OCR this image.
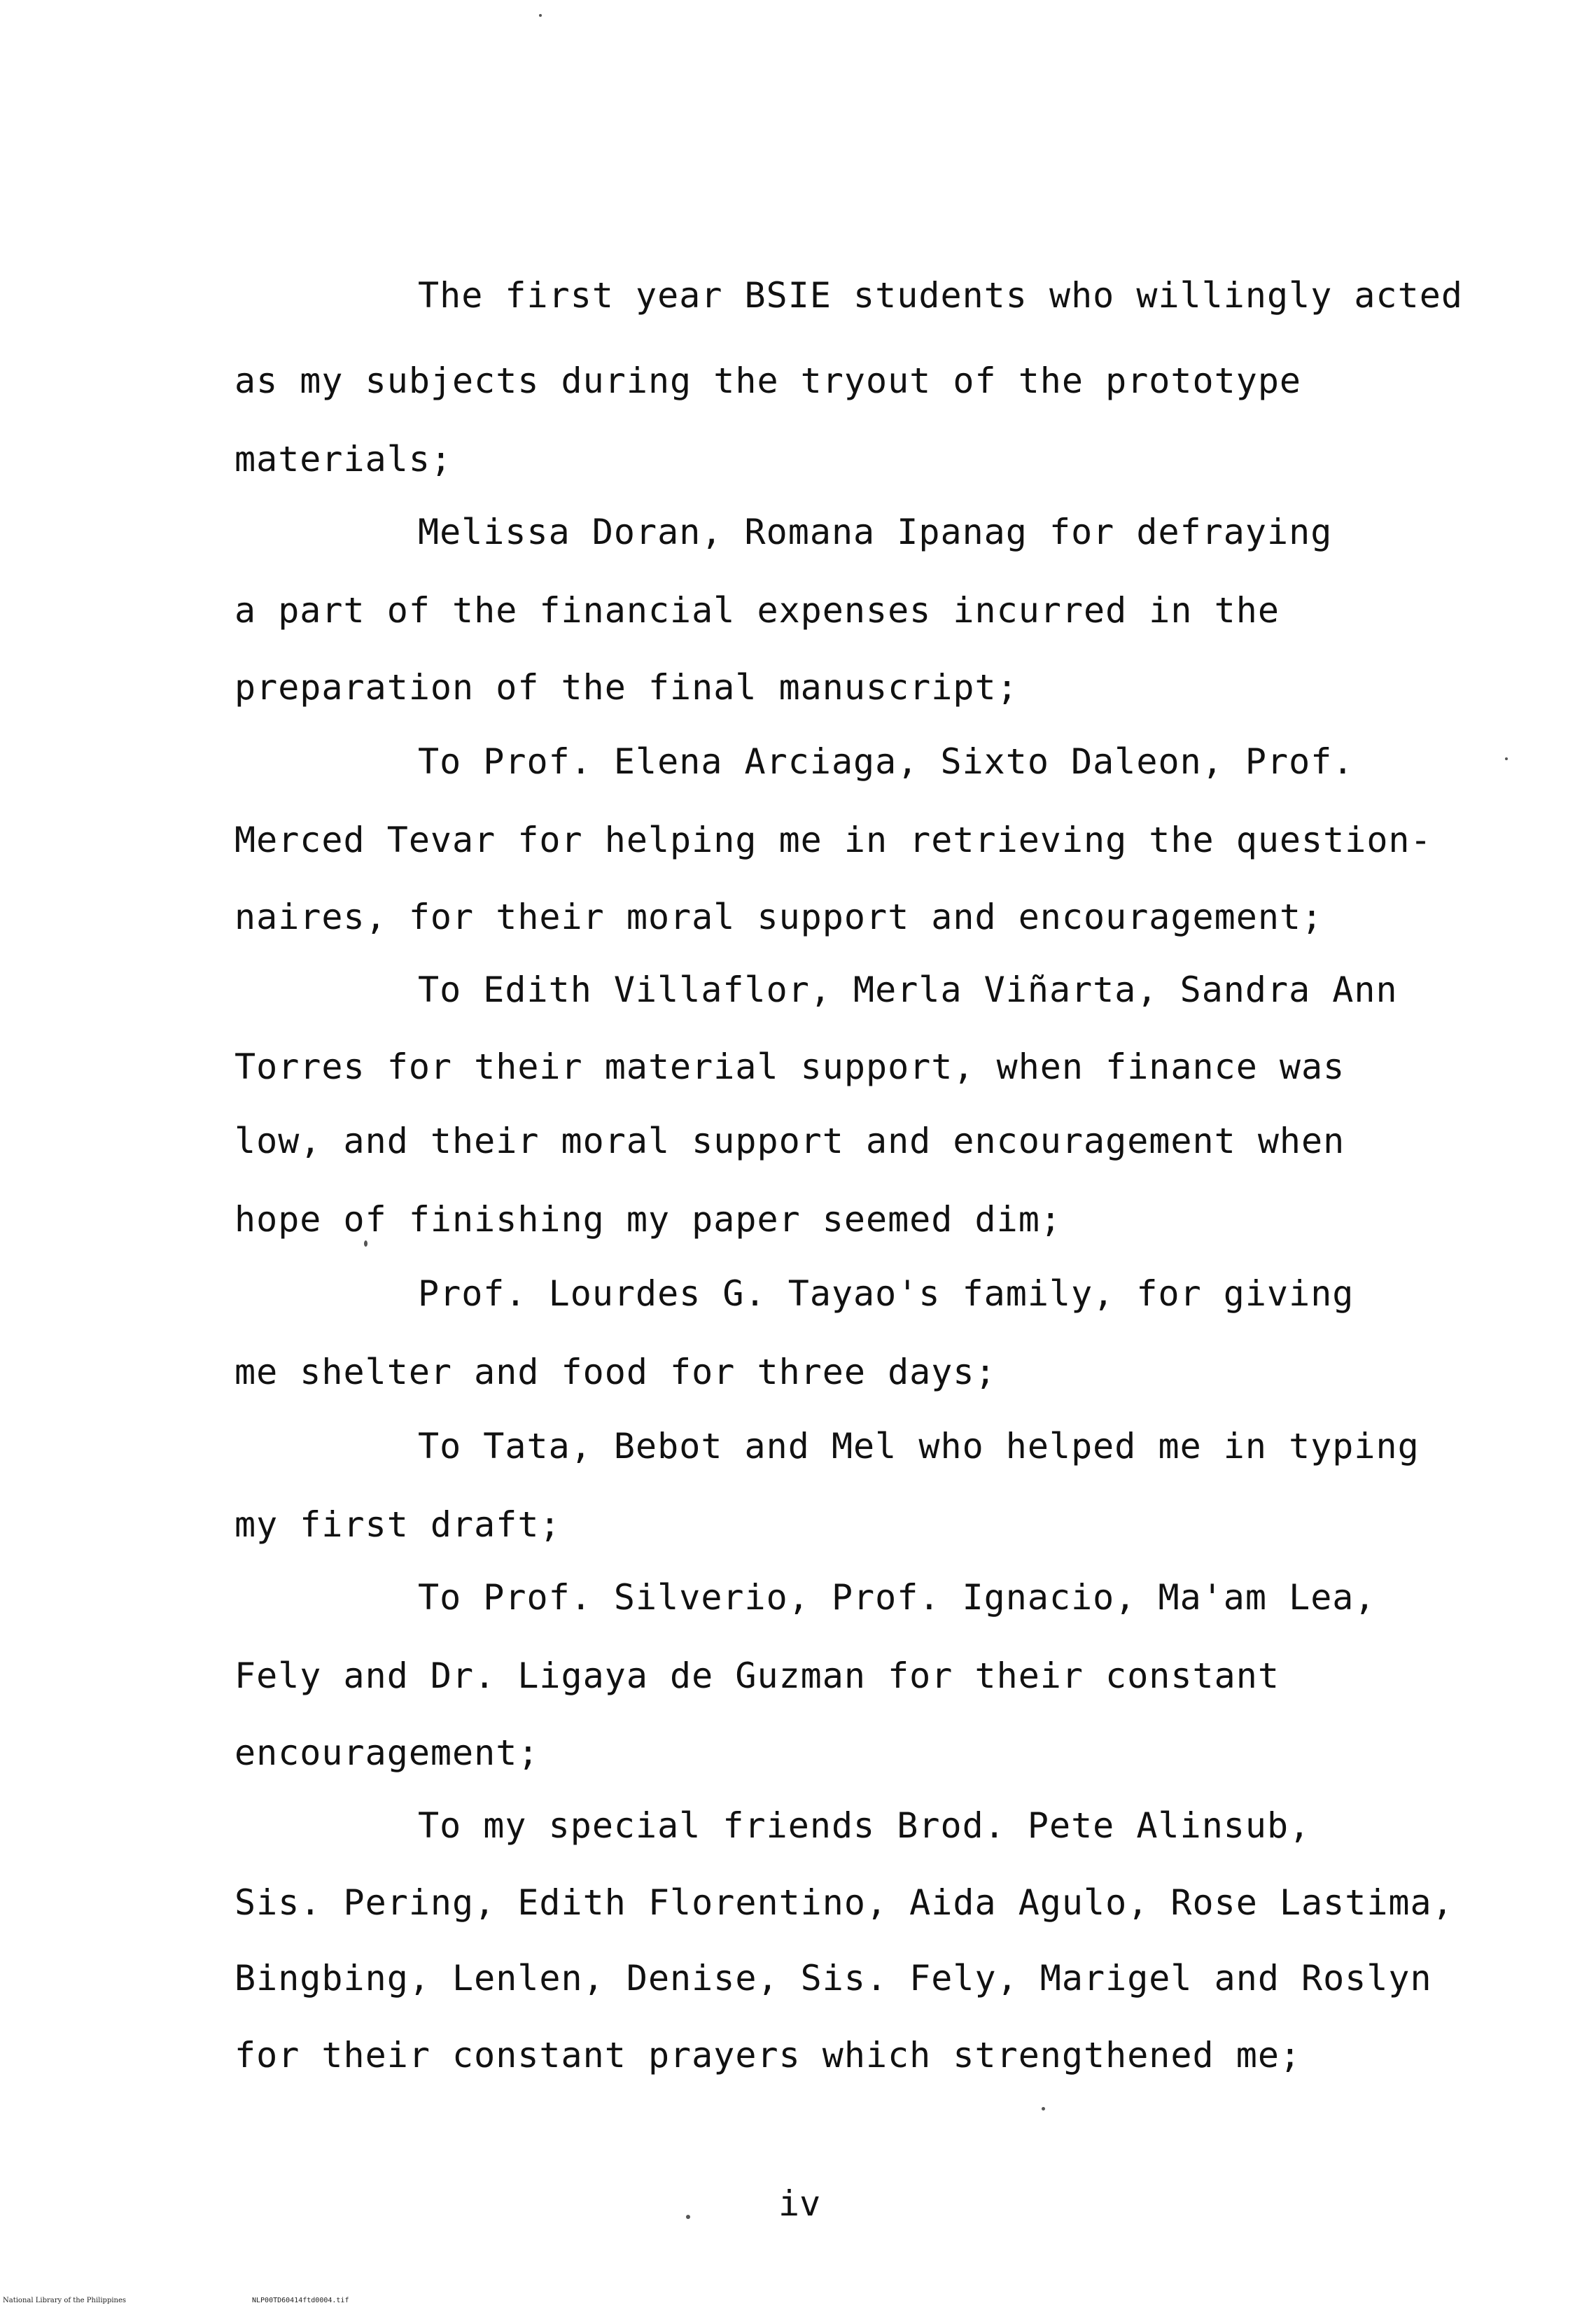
The first year BSIE students who willingly acted
as my subjects during the tryout of the prototype
materials;
Melissa Doran, Romana Ipanag for defraying
a part of the financial expenses incurred in the
preparation of the final manuscript;
To Prof. Elena Arciaga, Sixto Daleon, Prof.
Merced Tevar for helping me in retrieving the question-
naires, for their moral support and encouragement;
To Edith Villaflor, Merla Viñarta, Sandra Ann
Torres for their material support, when finance was
low, and their moral support and encouragement when
hope of finishing my paper seemed dim;
Prof. Lourdes G. Tayao's family, for giving
me shelter and food for three days;
To Tata, Bebot and Mel who helped me in typing
my first draft;
To Prof. Silverio, Prof. Ignacio, Ma'am Lea,
Fely and Dr. Ligaya de Guzman for their constant
encouragement;
To my special friends Brod. Pete Alinsub,
Sis. Pering, Edith Florentino, Aida Agulo, Rose Lastima,
Bingbing, Lenlen, Denise, Sis. Fely, Marigel and Roslyn
for their constant prayers which strengthened me;
iv
National Library of the Philippines	NLP00TD60414ftd0004.tif
